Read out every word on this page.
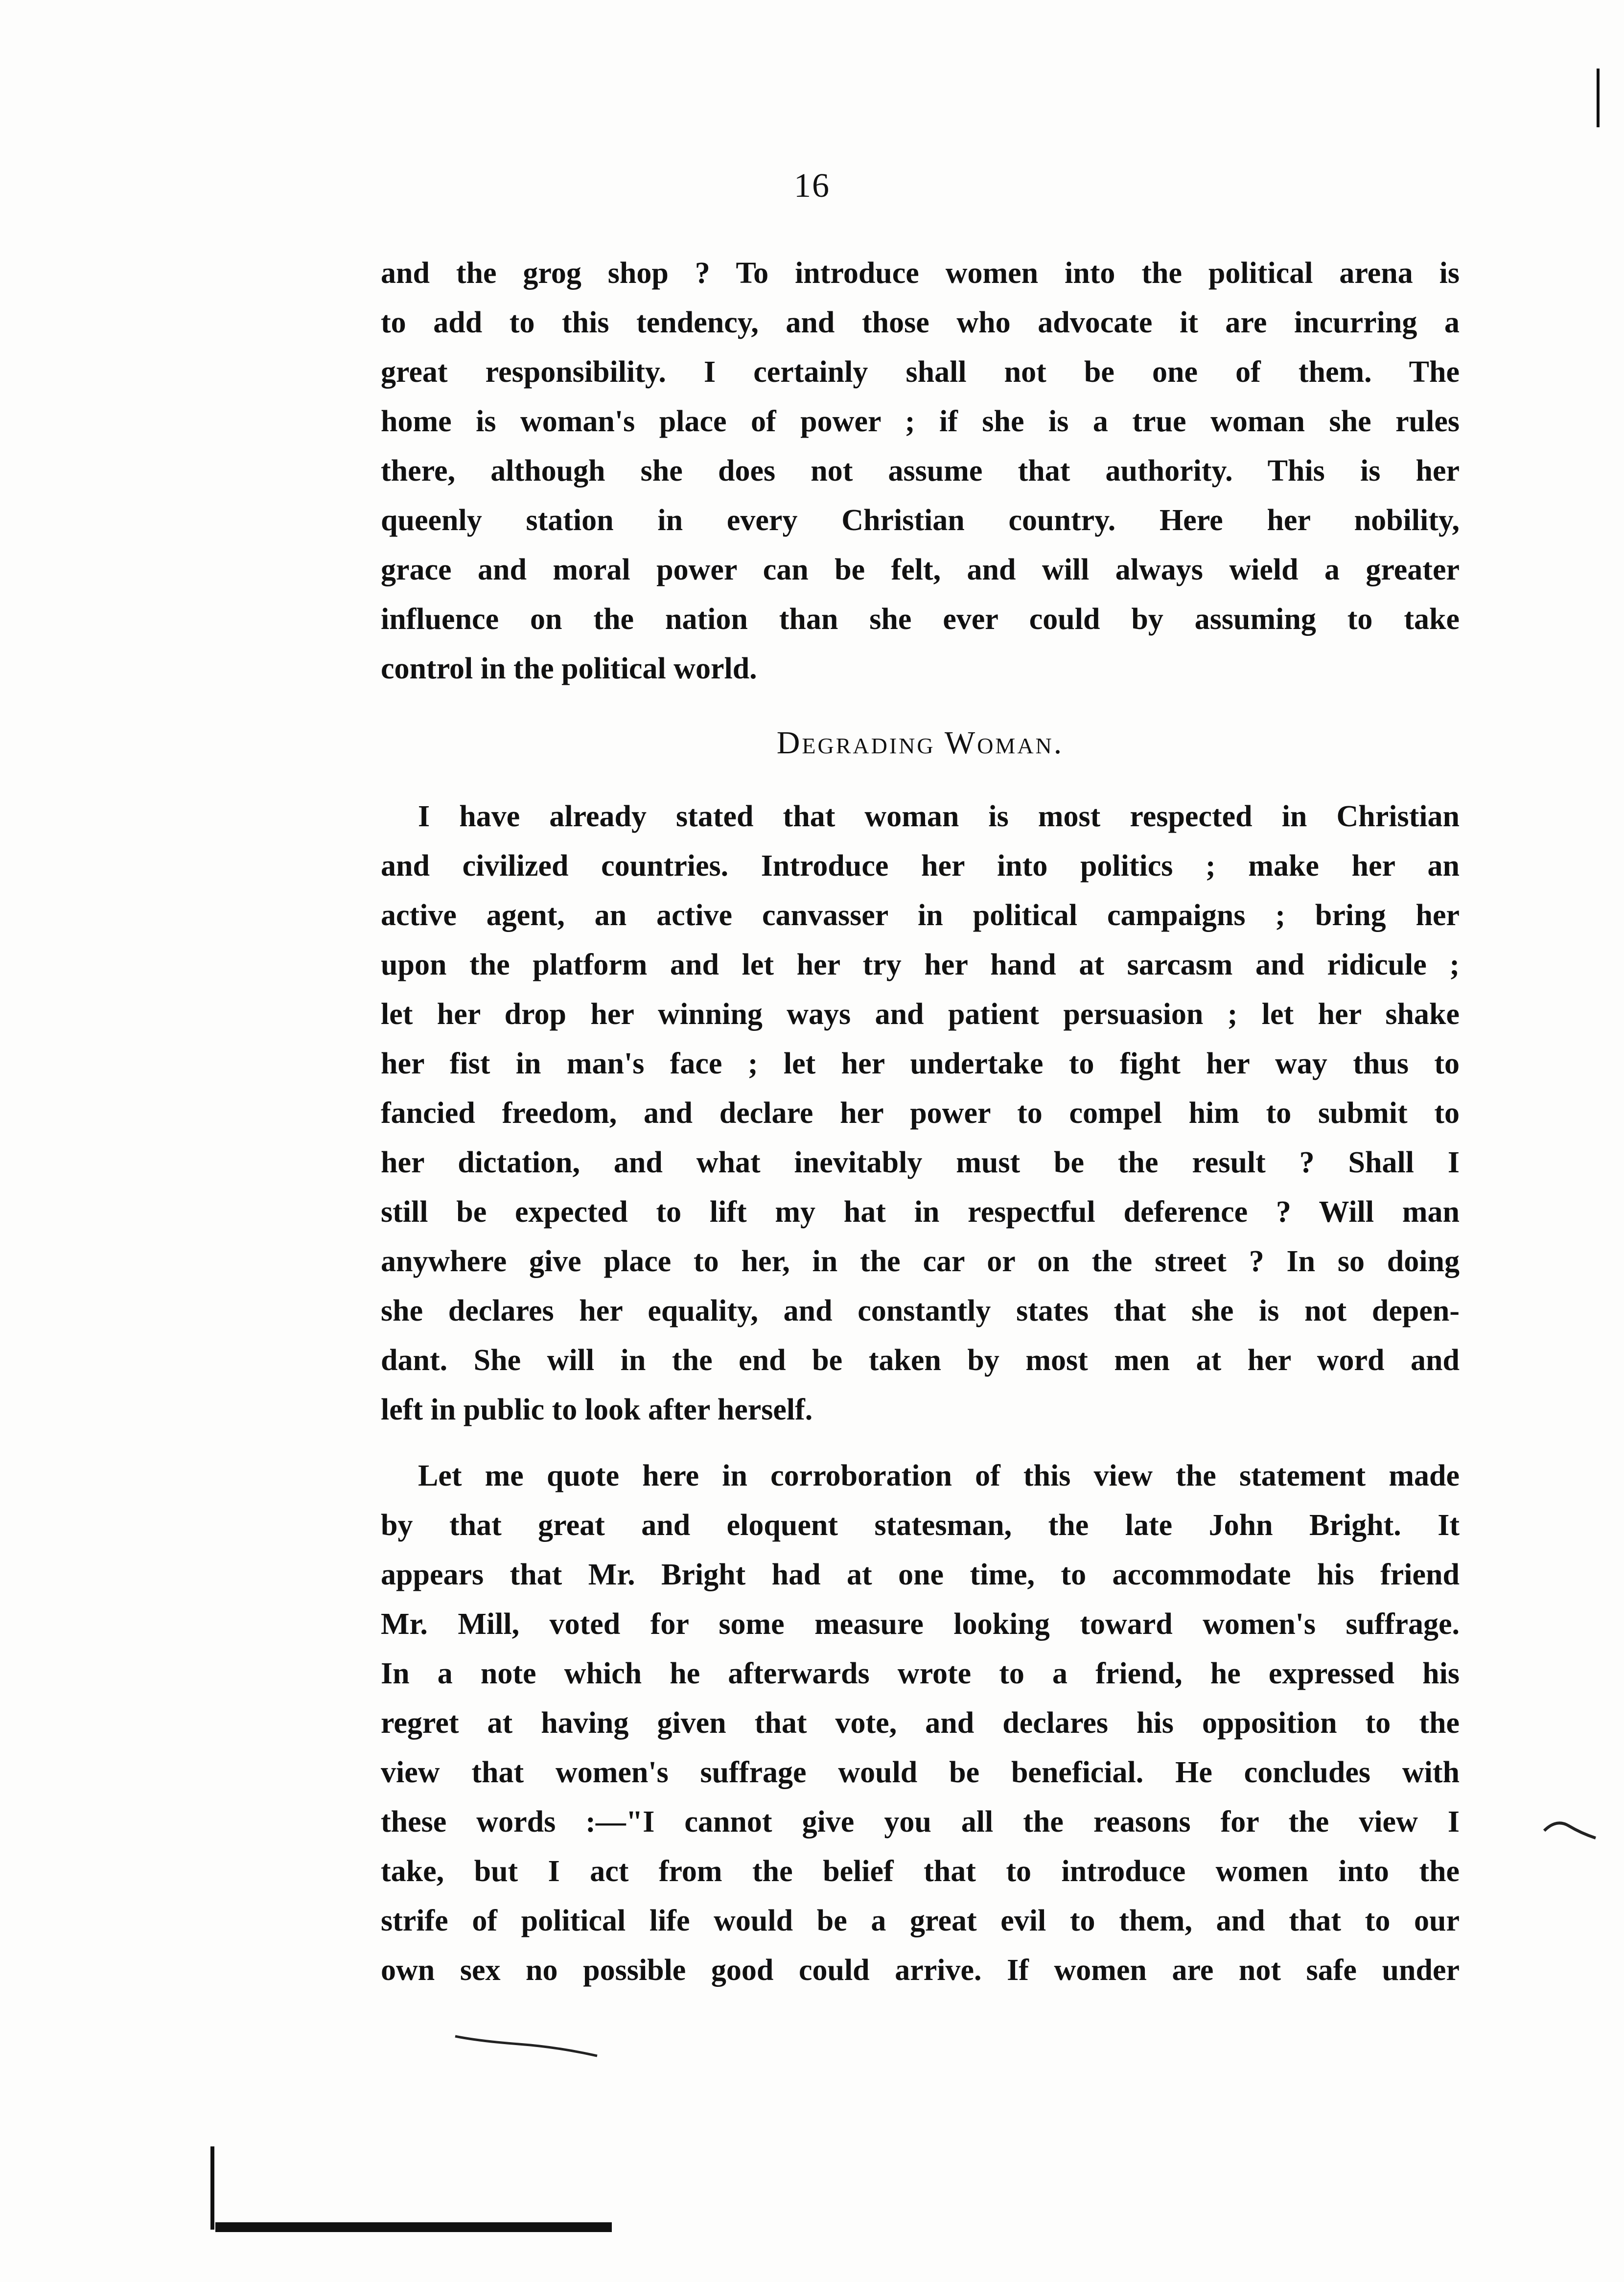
16
and the grog shop ? To introduce women into the political arena is
to add to this tendency, and those who advocate it are incurring a
great responsibility. I certainly shall not be one of them. The
home is woman's place of power ; if she is a true woman she rules
there, although she does not assume that authority. This is her
queenly station in every Christian country. Here her nobility,
grace and moral power can be felt, and will always wield a greater
influence on the nation than she ever could by assuming to take
control in the political world.
Degrading Woman.
I have already stated that woman is most respected in Christian
and civilized countries. Introduce her into politics ; make her an
active agent, an active canvasser in political campaigns ; bring her
upon the platform and let her try her hand at sarcasm and ridicule ;
let her drop her winning ways and patient persuasion ; let her shake
her fist in man's face ; let her undertake to fight her way thus to
fancied freedom, and declare her power to compel him to submit to
her dictation, and what inevitably must be the result ? Shall I
still be expected to lift my hat in respectful deference ? Will man
anywhere give place to her, in the car or on the street ? In so doing
she declares her equality, and constantly states that she is not depen-
dant. She will in the end be taken by most men at her word and
left in public to look after herself.
Let me quote here in corroboration of this view the statement made
by that great and eloquent statesman, the late John Bright. It
appears that Mr. Bright had at one time, to accommodate his friend
Mr. Mill, voted for some measure looking toward women's suffrage.
In a note which he afterwards wrote to a friend, he expressed his
regret at having given that vote, and declares his opposition to the
view that women's suffrage would be beneficial. He concludes with
these words :—"I cannot give you all the reasons for the view I
take, but I act from the belief that to introduce women into the
strife of political life would be a great evil to them, and that to our
own sex no possible good could arrive. If women are not safe under
